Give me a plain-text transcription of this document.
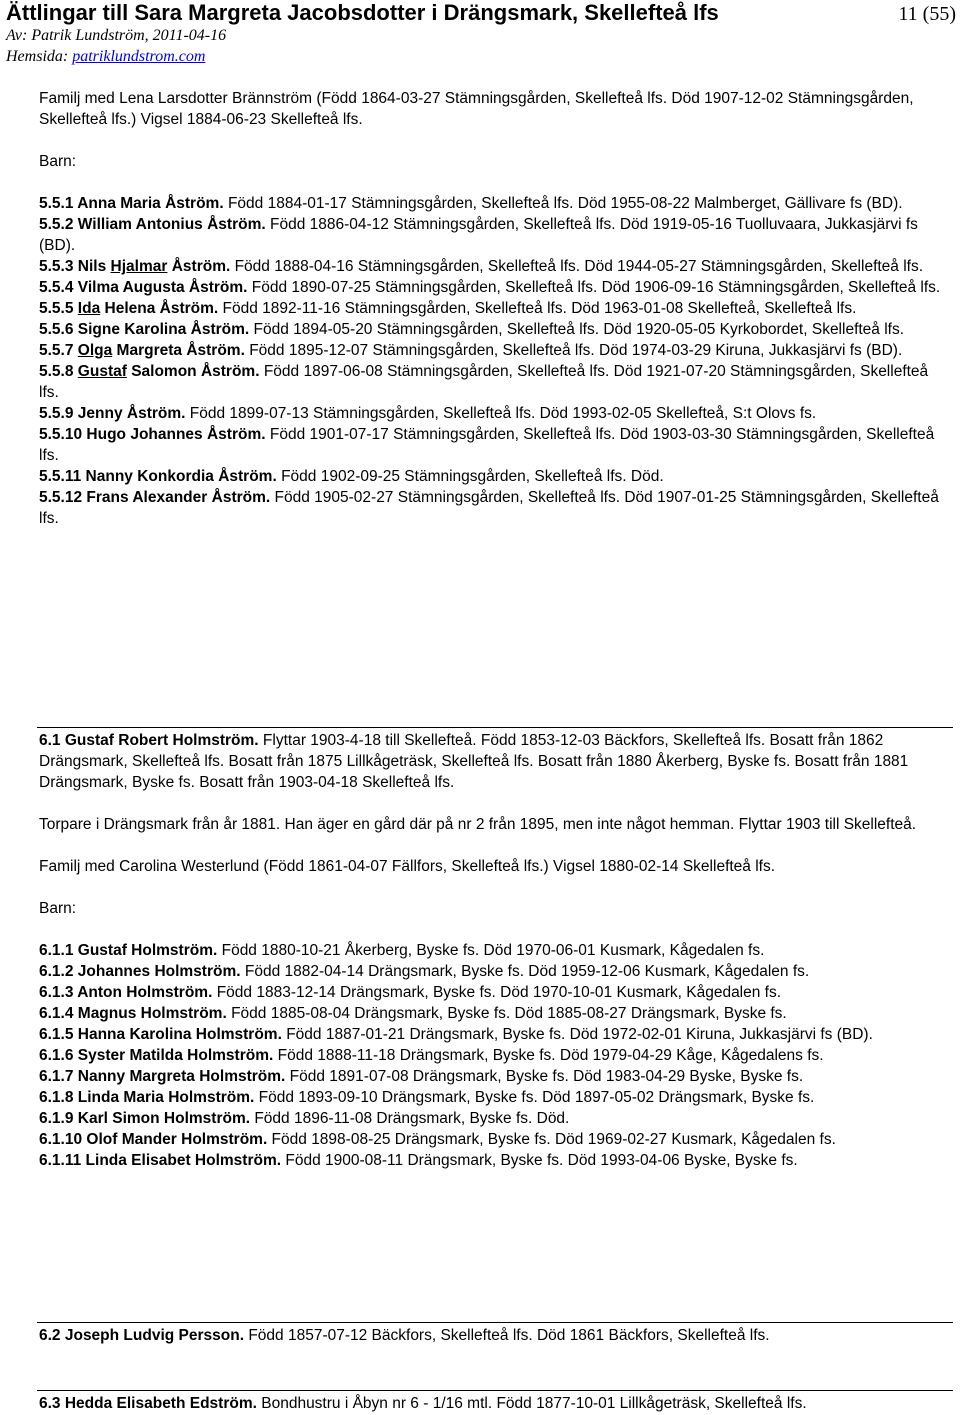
Ättlingar till Sara Margreta Jacobsdotter i Drängsmark, Skellefteå lfs	11 (55)
Av: Patrik Lundström, 2011-04-16
Hemsida: patriklundstrom.com

Familj med Lena Larsdotter Brännström (Född 1864-03-27 Stämningsgården, Skellefteå lfs. Död 1907-12-02 Stämningsgården, Skellefteå lfs.) Vigsel 1884-06-23 Skellefteå lfs.

Barn:

5.5.1 Anna Maria Åström. Född 1884-01-17 Stämningsgården, Skellefteå lfs. Död 1955-08-22 Malmberget, Gällivare fs (BD).

5.5.2 William Antonius Åström. Född 1886-04-12 Stämningsgården, Skellefteå lfs. Död 1919-05-16 Tuolluvaara, Jukkasjärvi fs (BD).

5.5.3 Nils Hjalmar Åström. Född 1888-04-16 Stämningsgården, Skellefteå lfs. Död 1944-05-27 Stämningsgården, Skellefteå lfs.

5.5.4 Vilma Augusta Åström. Född 1890-07-25 Stämningsgården, Skellefteå lfs. Död 1906-09-16 Stämningsgården, Skellefteå lfs.

5.5.5 Ida Helena Åström. Född 1892-11-16 Stämningsgården, Skellefteå lfs. Död 1963-01-08 Skellefteå, Skellefteå lfs.

5.5.6 Signe Karolina Åström. Född 1894-05-20 Stämningsgården, Skellefteå lfs. Död 1920-05-05 Kyrkobordet, Skellefteå lfs.

5.5.7 Olga Margreta Åström. Född 1895-12-07 Stämningsgården, Skellefteå lfs. Död 1974-03-29 Kiruna, Jukkasjärvi fs (BD).

5.5.8 Gustaf Salomon Åström. Född 1897-06-08 Stämningsgården, Skellefteå lfs. Död 1921-07-20 Stämningsgården, Skellefteå lfs.

5.5.9 Jenny Åström. Född 1899-07-13 Stämningsgården, Skellefteå lfs. Död 1993-02-05 Skellefteå, S:t Olovs fs.

5.5.10 Hugo Johannes Åström. Född 1901-07-17 Stämningsgården, Skellefteå lfs. Död 1903-03-30 Stämningsgården, Skellefteå lfs.

5.5.11 Nanny Konkordia Åström. Född 1902-09-25 Stämningsgården, Skellefteå lfs. Död.

5.5.12 Frans Alexander Åström. Född 1905-02-27 Stämningsgården, Skellefteå lfs. Död 1907-01-25 Stämningsgården, Skellefteå lfs.

6.1 Gustaf Robert Holmström. Flyttar 1903-4-18 till Skellefteå. Född 1853-12-03 Bäckfors, Skellefteå lfs. Bosatt från 1862 Drängsmark, Skellefteå lfs. Bosatt från 1875 Lillkågeträsk, Skellefteå lfs. Bosatt från 1880 Åkerberg, Byske fs. Bosatt från 1881 Drängsmark, Byske fs. Bosatt från 1903-04-18 Skellefteå lfs.

Torpare i Drängsmark från år 1881. Han äger en gård där på nr 2 från 1895, men inte något hemman. Flyttar 1903 till Skellefteå.

Familj med Carolina Westerlund (Född 1861-04-07 Fällfors, Skellefteå lfs.) Vigsel 1880-02-14 Skellefteå lfs.

Barn:

6.1.1 Gustaf Holmström. Född 1880-10-21 Åkerberg, Byske fs. Död 1970-06-01 Kusmark, Kågedalen fs.

6.1.2 Johannes Holmström. Född 1882-04-14 Drängsmark, Byske fs. Död 1959-12-06 Kusmark, Kågedalen fs.

6.1.3 Anton Holmström. Född 1883-12-14 Drängsmark, Byske fs. Död 1970-10-01 Kusmark, Kågedalen fs.

6.1.4 Magnus Holmström. Född 1885-08-04 Drängsmark, Byske fs. Död 1885-08-27 Drängsmark, Byske fs.

6.1.5 Hanna Karolina Holmström. Född 1887-01-21 Drängsmark, Byske fs. Död 1972-02-01 Kiruna, Jukkasjärvi fs (BD).

6.1.6 Syster Matilda Holmström. Född 1888-11-18 Drängsmark, Byske fs. Död 1979-04-29 Kåge, Kågedalens fs.

6.1.7 Nanny Margreta Holmström. Född 1891-07-08 Drängsmark, Byske fs. Död 1983-04-29 Byske, Byske fs.

6.1.8 Linda Maria Holmström. Född 1893-09-10 Drängsmark, Byske fs. Död 1897-05-02 Drängsmark, Byske fs.

6.1.9 Karl Simon Holmström. Född 1896-11-08 Drängsmark, Byske fs. Död.

6.1.10 Olof Mander Holmström. Född 1898-08-25 Drängsmark, Byske fs. Död 1969-02-27 Kusmark, Kågedalen fs.

6.1.11 Linda Elisabet Holmström. Född 1900-08-11 Drängsmark, Byske fs. Död 1993-04-06 Byske, Byske fs.

6.2 Joseph Ludvig Persson. Född 1857-07-12 Bäckfors, Skellefteå lfs. Död 1861 Bäckfors, Skellefteå lfs.

6.3 Hedda Elisabeth Edström. Bondhustru i Åbyn nr 6 - 1/16 mtl. Född 1877-10-01 Lillkågeträsk, Skellefteå lfs.
